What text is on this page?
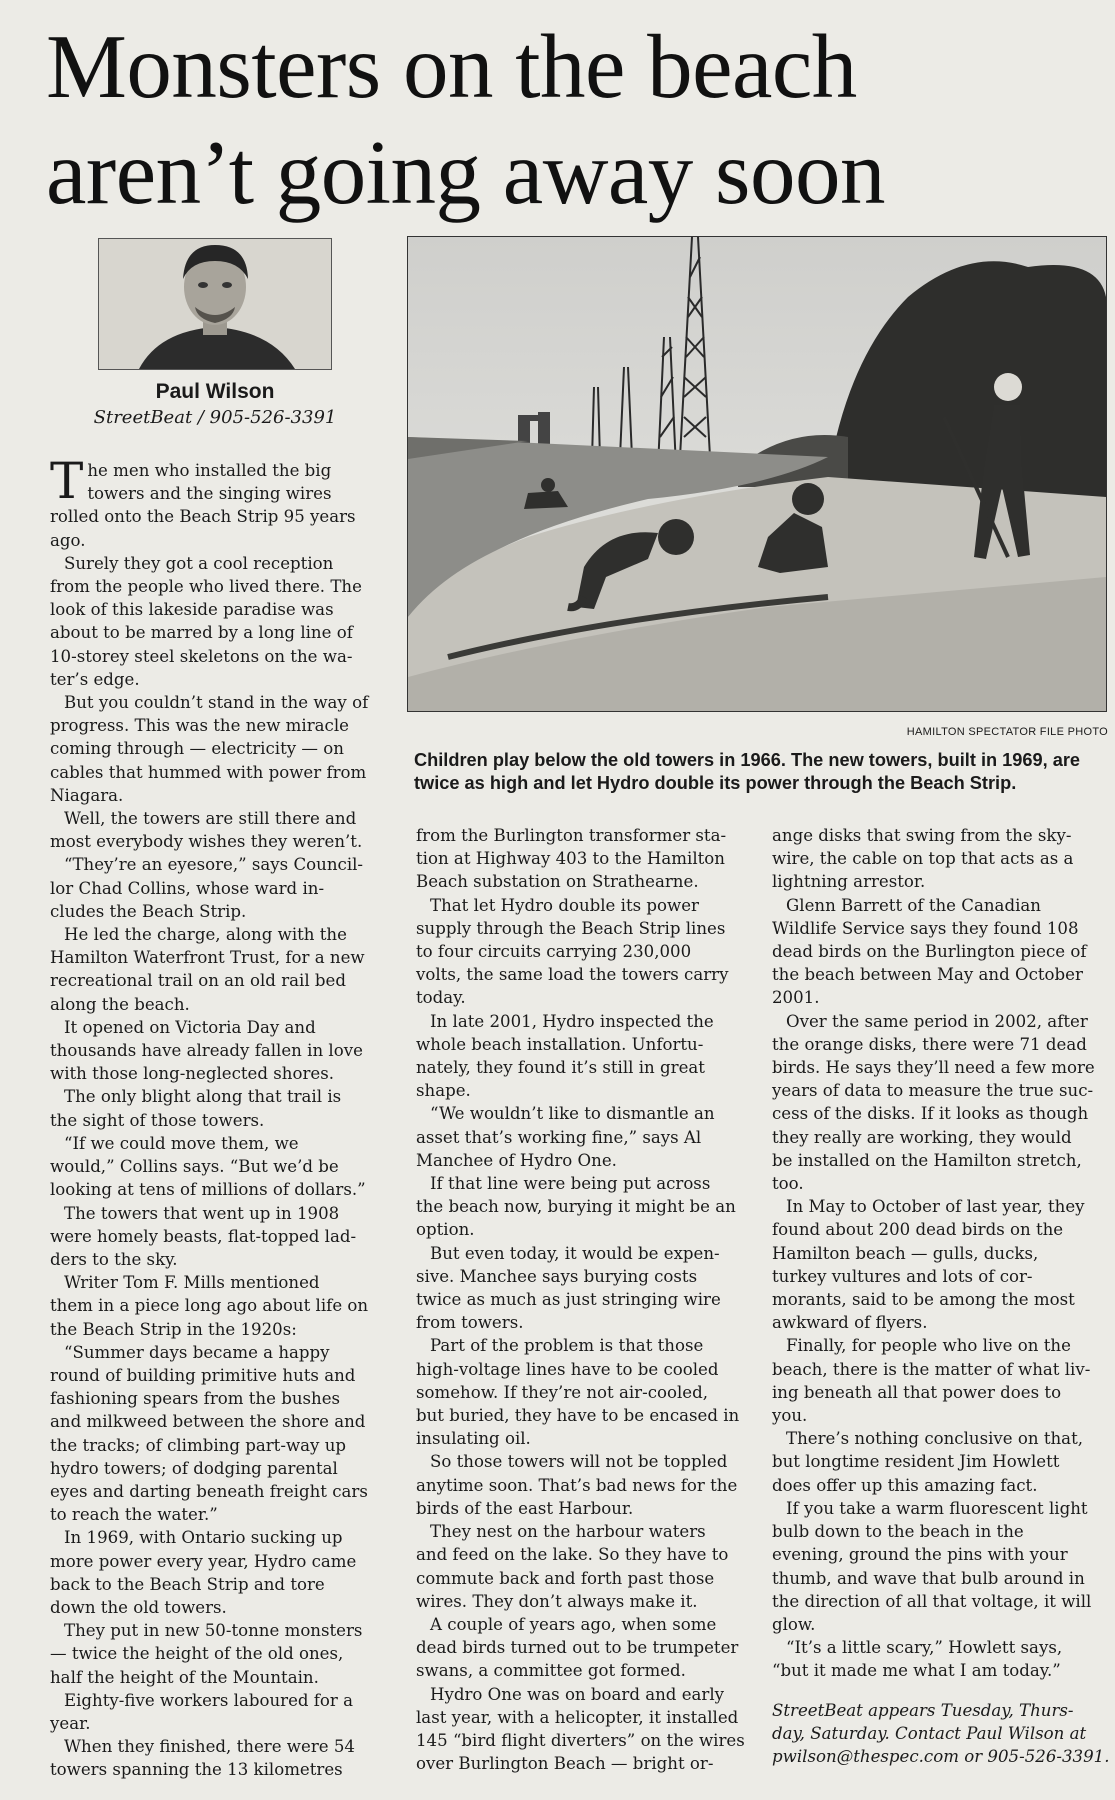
Monsters on the beach
aren’t going away soon
Paul Wilson
StreetBeat / 905-526-3391
HAMILTON SPECTATOR FILE PHOTO

Children play below the old towers in 1966. The new towers, built in 1969, are

twice as high and let Hydro double its power through the Beach Strip.

T he men who installed the big

towers and the singing wires

rolled onto the Beach Strip 95 years

ago.

Surely they got a cool reception

from the people who lived there. The

look of this lakeside paradise was

about to be marred by a long line of

10-storey steel skeletons on the wa-

ter’s edge.

But you couldn’t stand in the way of

progress. This was the new miracle

coming through — electricity — on

cables that hummed with power from

Niagara.

Well, the towers are still there and

most everybody wishes they weren’t.

“They’re an eyesore,” says Council-

lor Chad Collins, whose ward in-

cludes the Beach Strip.

He led the charge, along with the

Hamilton Waterfront Trust, for a new

recreational trail on an old rail bed

along the beach.

It opened on Victoria Day and

thousands have already fallen in love

with those long-neglected shores.

The only blight along that trail is

the sight of those towers.

“If we could move them, we

would,” Collins says. “But we’d be

looking at tens of millions of dollars.”

The towers that went up in 1908

were homely beasts, flat-topped lad-

ders to the sky.

Writer Tom F. Mills mentioned

them in a piece long ago about life on

the Beach Strip in the 1920s:

“Summer days became a happy

round of building primitive huts and

fashioning spears from the bushes

and milkweed between the shore and

the tracks; of climbing part-way up

hydro towers; of dodging parental

eyes and darting beneath freight cars

to reach the water.”

In 1969, with Ontario sucking up

more power every year, Hydro came

back to the Beach Strip and tore

down the old towers.

They put in new 50-tonne monsters

— twice the height of the old ones,

half the height of the Mountain.

Eighty-five workers laboured for a

year.

When they finished, there were 54

towers spanning the 13 kilometres

from the Burlington transformer sta-

tion at Highway 403 to the Hamilton

Beach substation on Strathearne.

That let Hydro double its power

supply through the Beach Strip lines

to four circuits carrying 230,000

volts, the same load the towers carry

today.

In late 2001, Hydro inspected the

whole beach installation. Unfortu-

nately, they found it’s still in great

shape.

“We wouldn’t like to dismantle an

asset that’s working fine,” says Al

Manchee of Hydro One.

If that line were being put across

the beach now, burying it might be an

option.

But even today, it would be expen-

sive. Manchee says burying costs

twice as much as just stringing wire

from towers.

Part of the problem is that those

high-voltage lines have to be cooled

somehow. If they’re not air-cooled,

but buried, they have to be encased in

insulating oil.

So those towers will not be toppled

anytime soon. That’s bad news for the

birds of the east Harbour.

They nest on the harbour waters

and feed on the lake. So they have to

commute back and forth past those

wires. They don’t always make it.

A couple of years ago, when some

dead birds turned out to be trumpeter

swans, a committee got formed.

Hydro One was on board and early

last year, with a helicopter, it installed

145 “bird flight diverters” on the wires

over Burlington Beach — bright or-

ange disks that swing from the sky-

wire, the cable on top that acts as a

lightning arrestor.

Glenn Barrett of the Canadian

Wildlife Service says they found 108

dead birds on the Burlington piece of

the beach between May and October

2001.

Over the same period in 2002, after

the orange disks, there were 71 dead

birds. He says they’ll need a few more

years of data to measure the true suc-

cess of the disks. If it looks as though

they really are working, they would

be installed on the Hamilton stretch,

too.

In May to October of last year, they

found about 200 dead birds on the

Hamilton beach — gulls, ducks,

turkey vultures and lots of cor-

morants, said to be among the most

awkward of flyers.

Finally, for people who live on the

beach, there is the matter of what liv-

ing beneath all that power does to

you.

There’s nothing conclusive on that,

but longtime resident Jim Howlett

does offer up this amazing fact.

If you take a warm fluorescent light

bulb down to the beach in the

evening, ground the pins with your

thumb, and wave that bulb around in

the direction of all that voltage, it will

glow.

“It’s a little scary,” Howlett says,

“but it made me what I am today.”

StreetBeat appears Tuesday, Thurs-

day, Saturday. Contact Paul Wilson at

pwilson@thespec.com or 905-526-3391.
